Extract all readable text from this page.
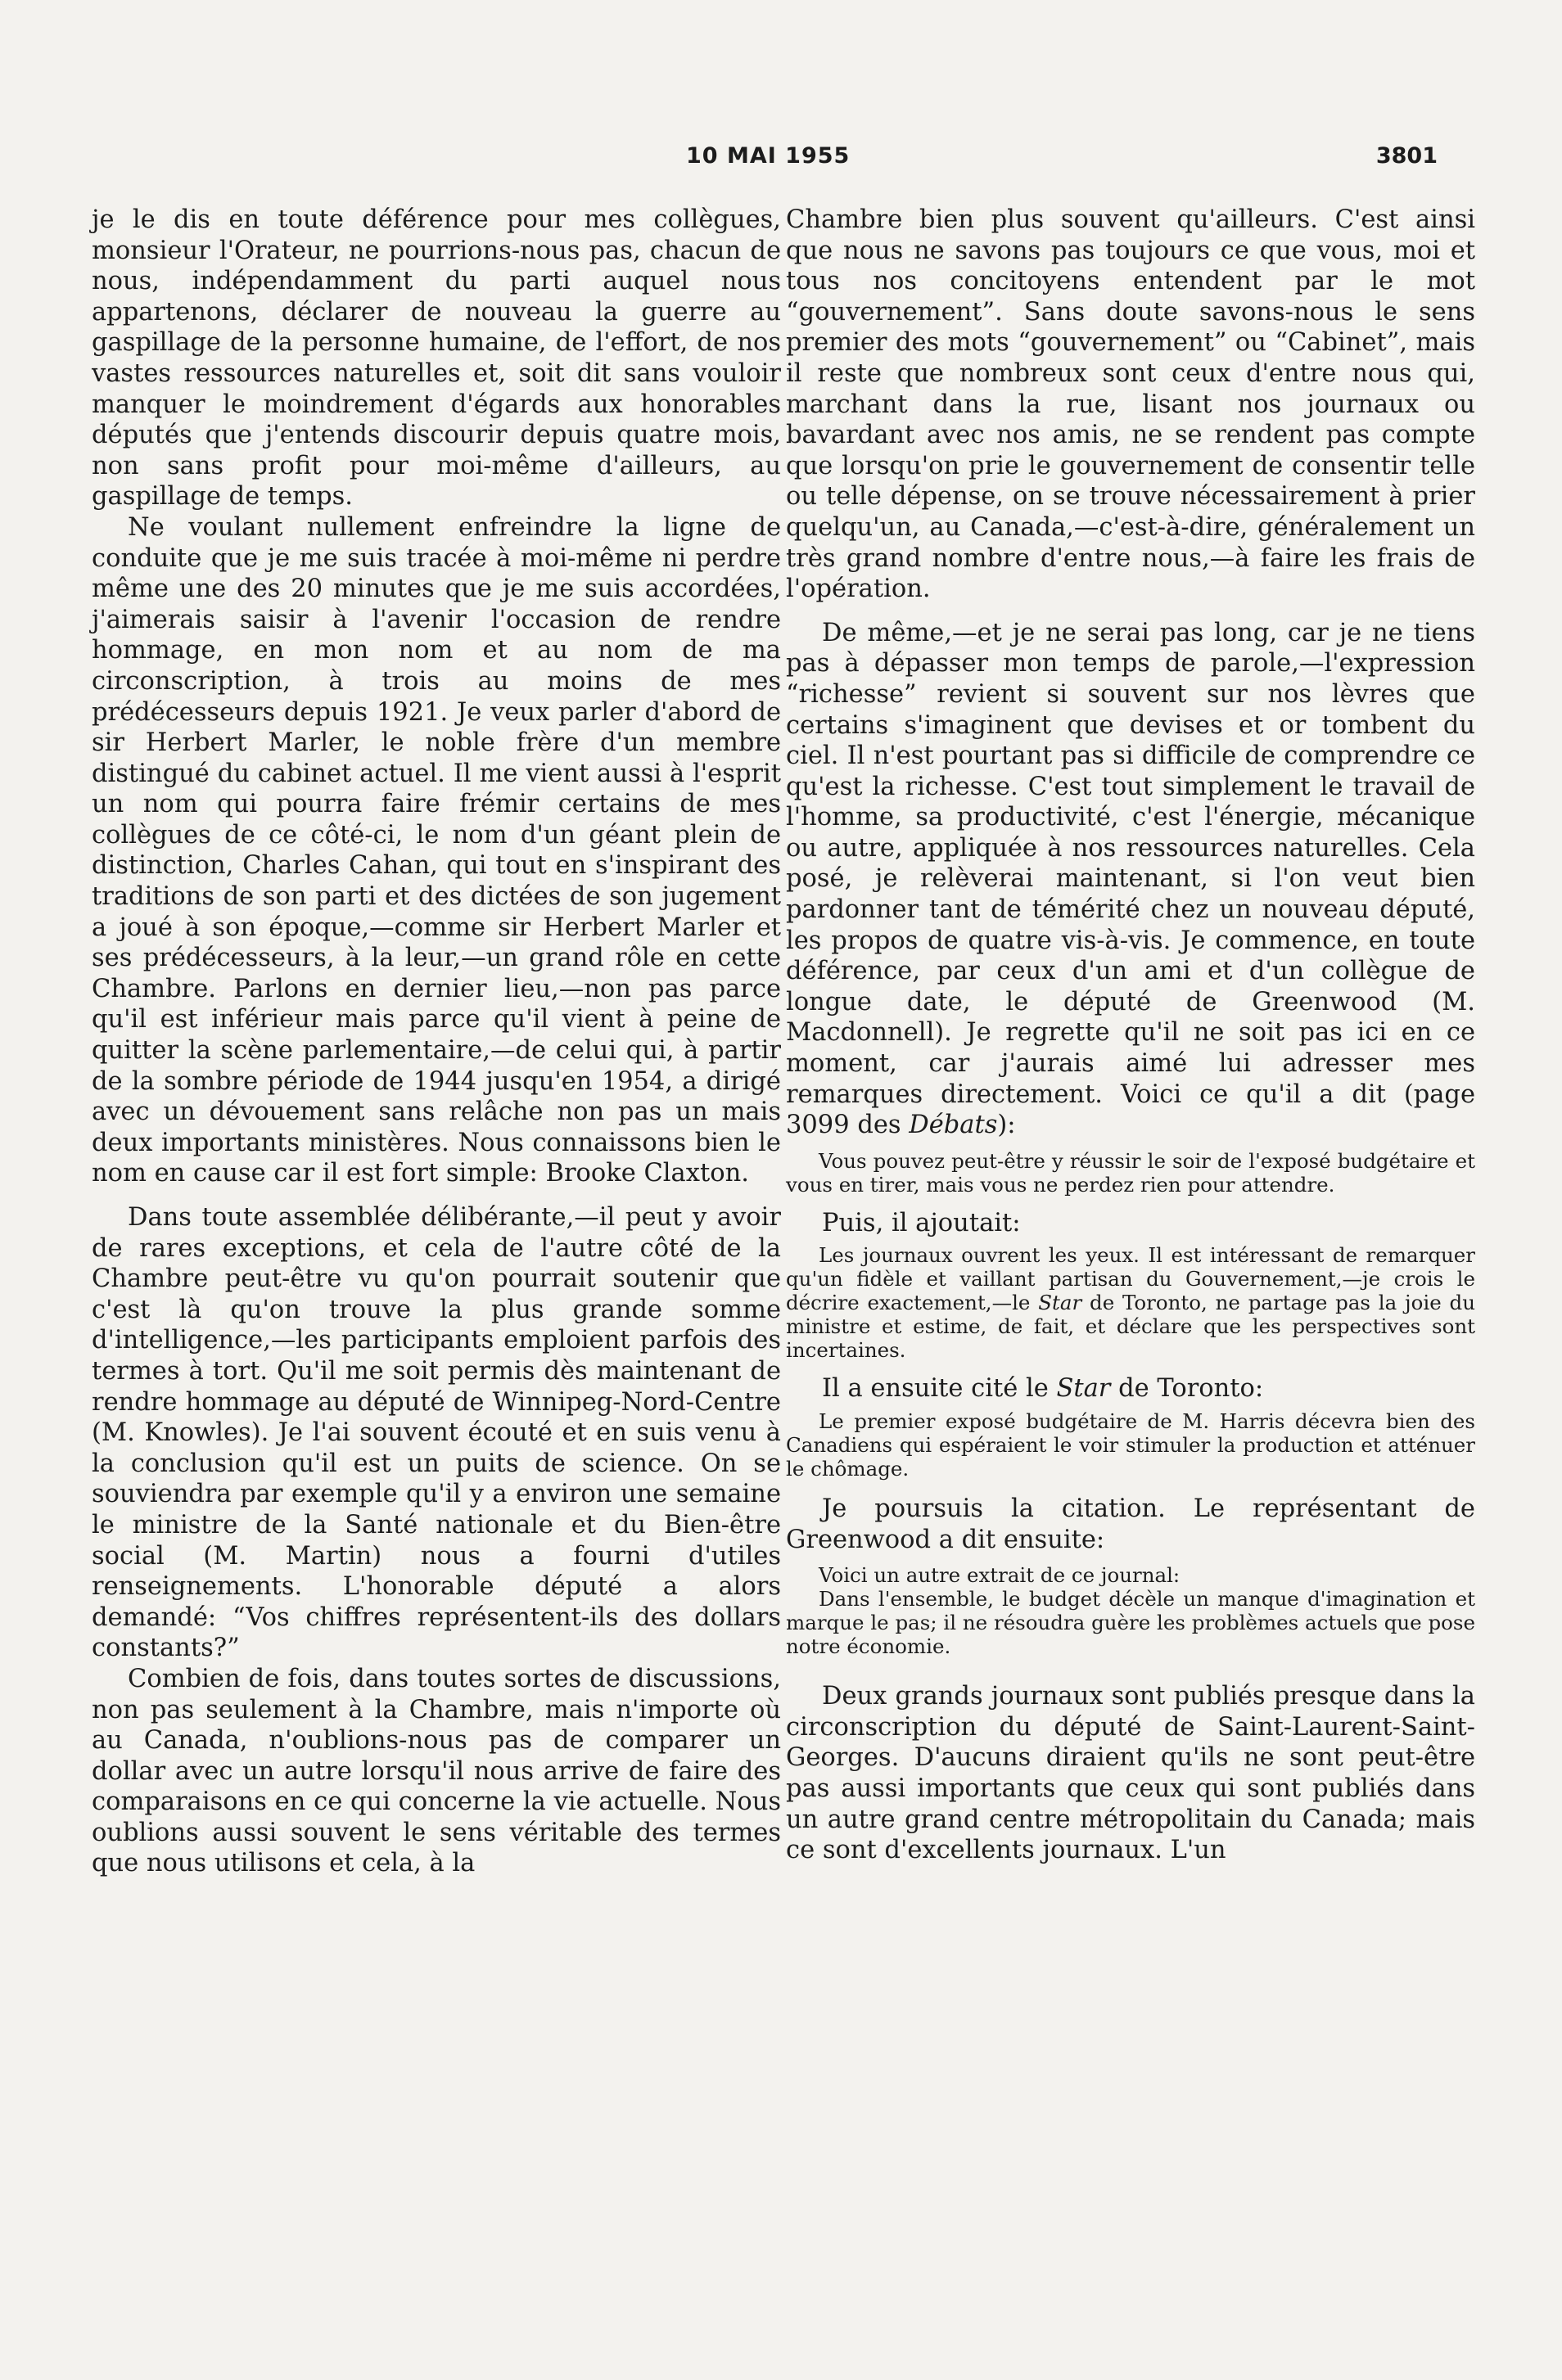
10 MAI 1955	3801

je le dis en toute déférence pour mes collègues, monsieur l'Orateur, ne pourrions-nous pas, chacun de nous, indépendamment du parti auquel nous appartenons, déclarer de nouveau la guerre au gaspillage de la personne humaine, de l'effort, de nos vastes ressources naturelles et, soit dit sans vouloir manquer le moindrement d'égards aux honorables députés que j'entends discourir depuis quatre mois, non sans profit pour moi-même d'ailleurs, au gaspillage de temps.

Ne voulant nullement enfreindre la ligne de conduite que je me suis tracée à moi-même ni perdre même une des 20 minutes que je me suis accordées, j'aimerais saisir à l'avenir l'occasion de rendre hommage, en mon nom et au nom de ma circonscription, à trois au moins de mes prédécesseurs depuis 1921. Je veux parler d'abord de sir Herbert Marler, le noble frère d'un membre distingué du cabinet actuel. Il me vient aussi à l'esprit un nom qui pourra faire frémir certains de mes collègues de ce côté-ci, le nom d'un géant plein de distinction, Charles Cahan, qui tout en s'inspirant des traditions de son parti et des dictées de son jugement a joué à son époque,—comme sir Herbert Marler et ses prédécesseurs, à la leur,—un grand rôle en cette Chambre. Parlons en dernier lieu,—non pas parce qu'il est inférieur mais parce qu'il vient à peine de quitter la scène parlementaire,—de celui qui, à partir de la sombre période de 1944 jusqu'en 1954, a dirigé avec un dévouement sans relâche non pas un mais deux importants ministères. Nous connaissons bien le nom en cause car il est fort simple: Brooke Claxton.

Dans toute assemblée délibérante,—il peut y avoir de rares exceptions, et cela de l'autre côté de la Chambre peut-être vu qu'on pourrait soutenir que c'est là qu'on trouve la plus grande somme d'intelligence,—les participants emploient parfois des termes à tort. Qu'il me soit permis dès maintenant de rendre hommage au député de Winnipeg-Nord-Centre (M. Knowles). Je l'ai souvent écouté et en suis venu à la conclusion qu'il est un puits de science. On se souviendra par exemple qu'il y a environ une semaine le ministre de la Santé nationale et du Bien-être social (M. Martin) nous a fourni d'utiles renseignements. L'honorable député a alors demandé: “Vos chiffres représentent-ils des dollars constants?”

Combien de fois, dans toutes sortes de discussions, non pas seulement à la Chambre, mais n'importe où au Canada, n'oublions-nous pas de comparer un dollar avec un autre lorsqu'il nous arrive de faire des comparaisons en ce qui concerne la vie actuelle. Nous oublions aussi souvent le sens véritable des termes que nous utilisons et cela, à la

Chambre bien plus souvent qu'ailleurs. C'est ainsi que nous ne savons pas toujours ce que vous, moi et tous nos concitoyens entendent par le mot “gouvernement”. Sans doute savons-nous le sens premier des mots “gouvernement” ou “Cabinet”, mais il reste que nombreux sont ceux d'entre nous qui, marchant dans la rue, lisant nos journaux ou bavardant avec nos amis, ne se rendent pas compte que lorsqu'on prie le gouvernement de consentir telle ou telle dépense, on se trouve nécessairement à prier quelqu'un, au Canada,—c'est-à-dire, généralement un très grand nombre d'entre nous,—à faire les frais de l'opération.

De même,—et je ne serai pas long, car je ne tiens pas à dépasser mon temps de parole,—l'expression “richesse” revient si souvent sur nos lèvres que certains s'imaginent que devises et or tombent du ciel. Il n'est pourtant pas si difficile de comprendre ce qu'est la richesse. C'est tout simplement le travail de l'homme, sa productivité, c'est l'énergie, mécanique ou autre, appliquée à nos ressources naturelles. Cela posé, je relèverai maintenant, si l'on veut bien pardonner tant de témérité chez un nouveau député, les propos de quatre vis-à-vis. Je commence, en toute déférence, par ceux d'un ami et d'un collègue de longue date, le député de Greenwood (M. Macdonnell). Je regrette qu'il ne soit pas ici en ce moment, car j'aurais aimé lui adresser mes remarques directement. Voici ce qu'il a dit (page 3099 des Débats):

Vous pouvez peut-être y réussir le soir de l'exposé budgétaire et vous en tirer, mais vous ne perdez rien pour attendre.

Puis, il ajoutait:

Les journaux ouvrent les yeux. Il est intéressant de remarquer qu'un fidèle et vaillant partisan du Gouvernement,—je crois le décrire exactement,—le Star de Toronto, ne partage pas la joie du ministre et estime, de fait, et déclare que les perspectives sont incertaines.

Il a ensuite cité le Star de Toronto:

Le premier exposé budgétaire de M. Harris décevra bien des Canadiens qui espéraient le voir stimuler la production et atténuer le chômage.

Je poursuis la citation. Le représentant de Greenwood a dit ensuite:

Voici un autre extrait de ce journal:

Dans l'ensemble, le budget décèle un manque d'imagination et marque le pas; il ne résoudra guère les problèmes actuels que pose notre économie.

Deux grands journaux sont publiés presque dans la circonscription du député de Saint-Laurent-Saint-Georges. D'aucuns diraient qu'ils ne sont peut-être pas aussi importants que ceux qui sont publiés dans un autre grand centre métropolitain du Canada; mais ce sont d'excellents journaux. L'un
